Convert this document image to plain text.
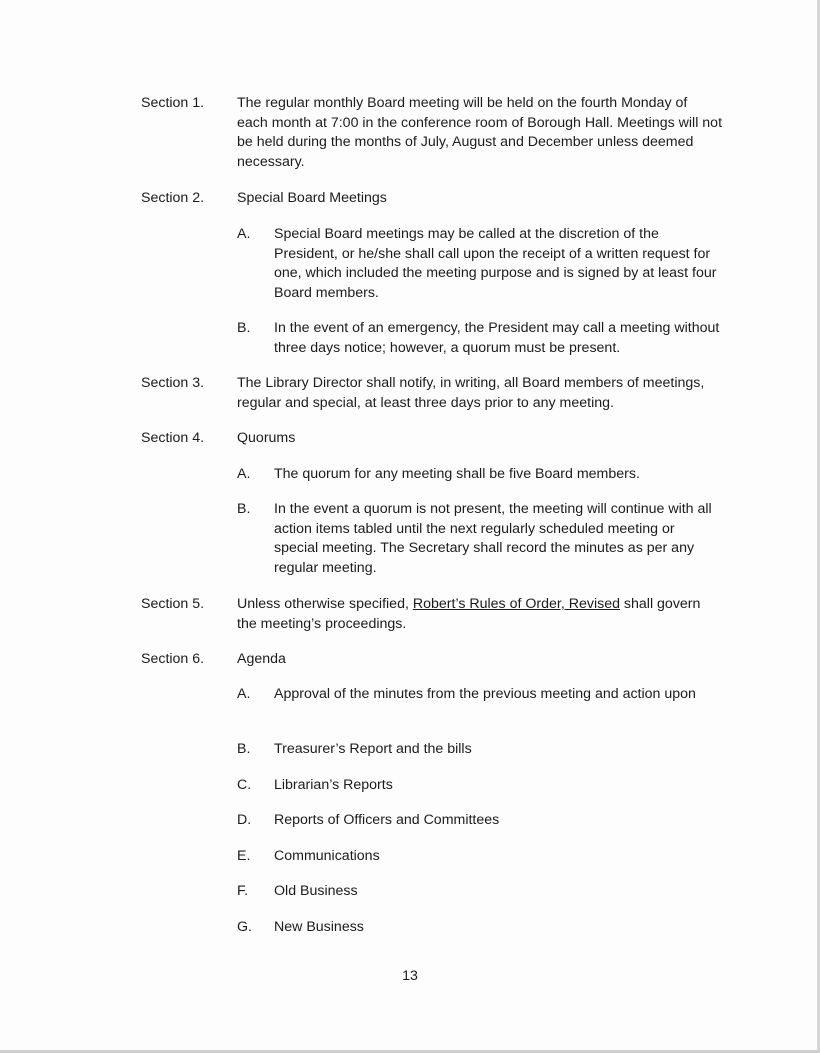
Section 1. The regular monthly Board meeting will be held on the fourth Monday of each month at 7:00 in the conference room of Borough Hall. Meetings will not be held during the months of July, August and December unless deemed necessary.
Section 2. Special Board Meetings
A. Special Board meetings may be called at the discretion of the President, or he/she shall call upon the receipt of a written request for one, which included the meeting purpose and is signed by at least four Board members.
B. In the event of an emergency, the President may call a meeting without three days notice; however, a quorum must be present.
Section 3. The Library Director shall notify, in writing, all Board members of meetings, regular and special, at least three days prior to any meeting.
Section 4. Quorums
A. The quorum for any meeting shall be five Board members.
B. In the event a quorum is not present, the meeting will continue with all action items tabled until the next regularly scheduled meeting or special meeting. The Secretary shall record the minutes as per any regular meeting.
Section 5. Unless otherwise specified, Robert’s Rules of Order, Revised shall govern the meeting’s proceedings.
Section 6. Agenda
A. Approval of the minutes from the previous meeting and action upon
B. Treasurer’s Report and the bills
C. Librarian’s Reports
D. Reports of Officers and Committees
E. Communications
F. Old Business
G. New Business
13
